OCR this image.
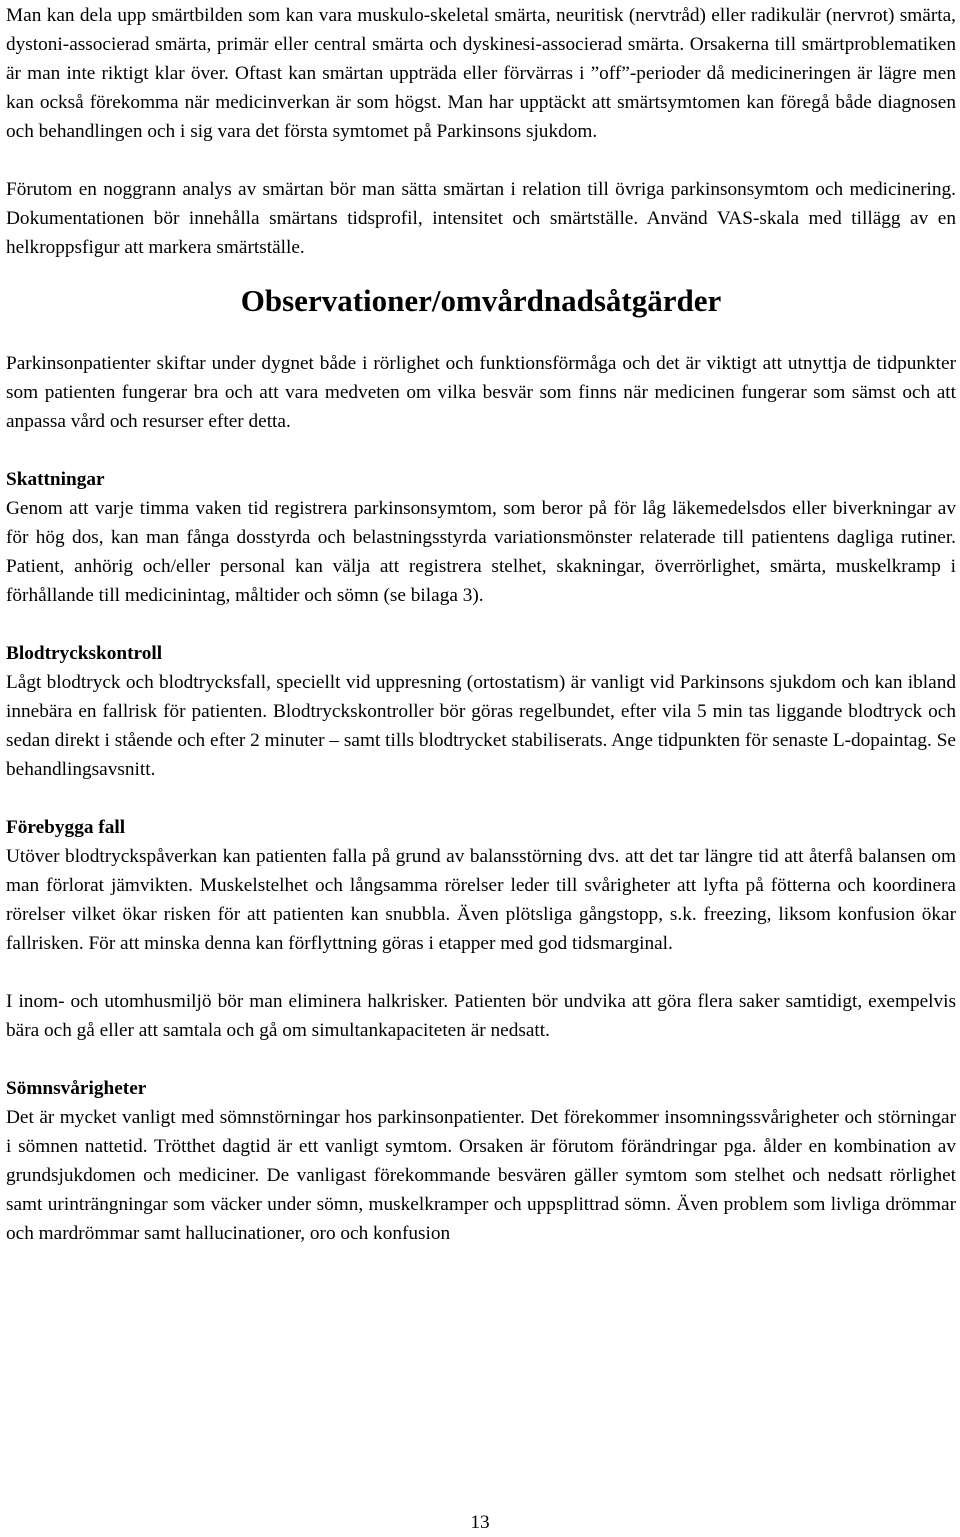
Man kan dela upp smärtbilden som kan vara muskulo-skeletal smärta, neuritisk (nervtråd) eller radikulär (nervrot) smärta, dystoni-associerad smärta, primär eller central smärta och dyskinesi-associerad smärta. Orsakerna till smärtproblematiken är man inte riktigt klar över. Oftast kan smärtan uppträda eller förvärras i ”off”-perioder då medicineringen är lägre men kan också förekomma när medicinverkan är som högst. Man har upptäckt att smärtsymtomen kan föregå både diagnosen och behandlingen och i sig vara det första symtomet på Parkinsons sjukdom.

Förutom en noggrann analys av smärtan bör man sätta smärtan i relation till övriga parkinsonsymtom och medicinering. Dokumentationen bör innehålla smärtans tidsprofil, intensitet och smärtställe. Använd VAS-skala med tillägg av en helkroppsfigur att markera smärtställe.

Observationer/omvårdnadsåtgärder

Parkinsonpatienter skiftar under dygnet både i rörlighet och funktionsförmåga och det är viktigt att utnyttja de tidpunkter som patienten fungerar bra och att vara medveten om vilka besvär som finns när medicinen fungerar som sämst och att anpassa vård och resurser efter detta.

Skattningar

Genom att varje timma vaken tid registrera parkinsonsymtom, som beror på för låg läkemedelsdos eller biverkningar av för hög dos, kan man fånga dosstyrda och belastningsstyrda variationsmönster relaterade till patientens dagliga rutiner. Patient, anhörig och/eller personal kan välja att registrera stelhet, skakningar, överrörlighet, smärta, muskelkramp i förhållande till medicinintag, måltider och sömn (se bilaga 3).

Blodtryckskontroll

Lågt blodtryck och blodtrycksfall, speciellt vid uppresning (ortostatism) är vanligt vid Parkinsons sjukdom och kan ibland innebära en fallrisk för patienten. Blodtryckskontroller bör göras regelbundet, efter vila 5 min tas liggande blodtryck och sedan direkt i stående och efter 2 minuter – samt tills blodtrycket stabiliserats. Ange tidpunkten för senaste L-dopaintag. Se behandlingsavsnitt.

Förebygga fall

Utöver blodtryckspåverkan kan patienten falla på grund av balansstörning dvs. att det tar längre tid att återfå balansen om man förlorat jämvikten. Muskelstelhet och långsamma rörelser leder till svårigheter att lyfta på fötterna och koordinera rörelser vilket ökar risken för att patienten kan snubbla. Även plötsliga gångstopp, s.k. freezing, liksom konfusion ökar fallrisken. För att minska denna kan förflyttning göras i etapper med god tidsmarginal.

I inom- och utomhusmiljö bör man eliminera halkrisker. Patienten bör undvika att göra flera saker samtidigt, exempelvis bära och gå eller att samtala och gå om simultankapaciteten är nedsatt.

Sömnsvårigheter

Det är mycket vanligt med sömnstörningar hos parkinsonpatienter. Det förekommer insomningssvårigheter och störningar i sömnen nattetid. Trötthet dagtid är ett vanligt symtom. Orsaken är förutom förändringar pga. ålder en kombination av grundsjukdomen och mediciner. De vanligast förekommande besvären gäller symtom som stelhet och nedsatt rörlighet samt urinträngningar som väcker under sömn, muskelkramper och uppsplittrad sömn. Även problem som livliga drömmar och mardrömmar samt hallucinationer, oro och konfusion

13
